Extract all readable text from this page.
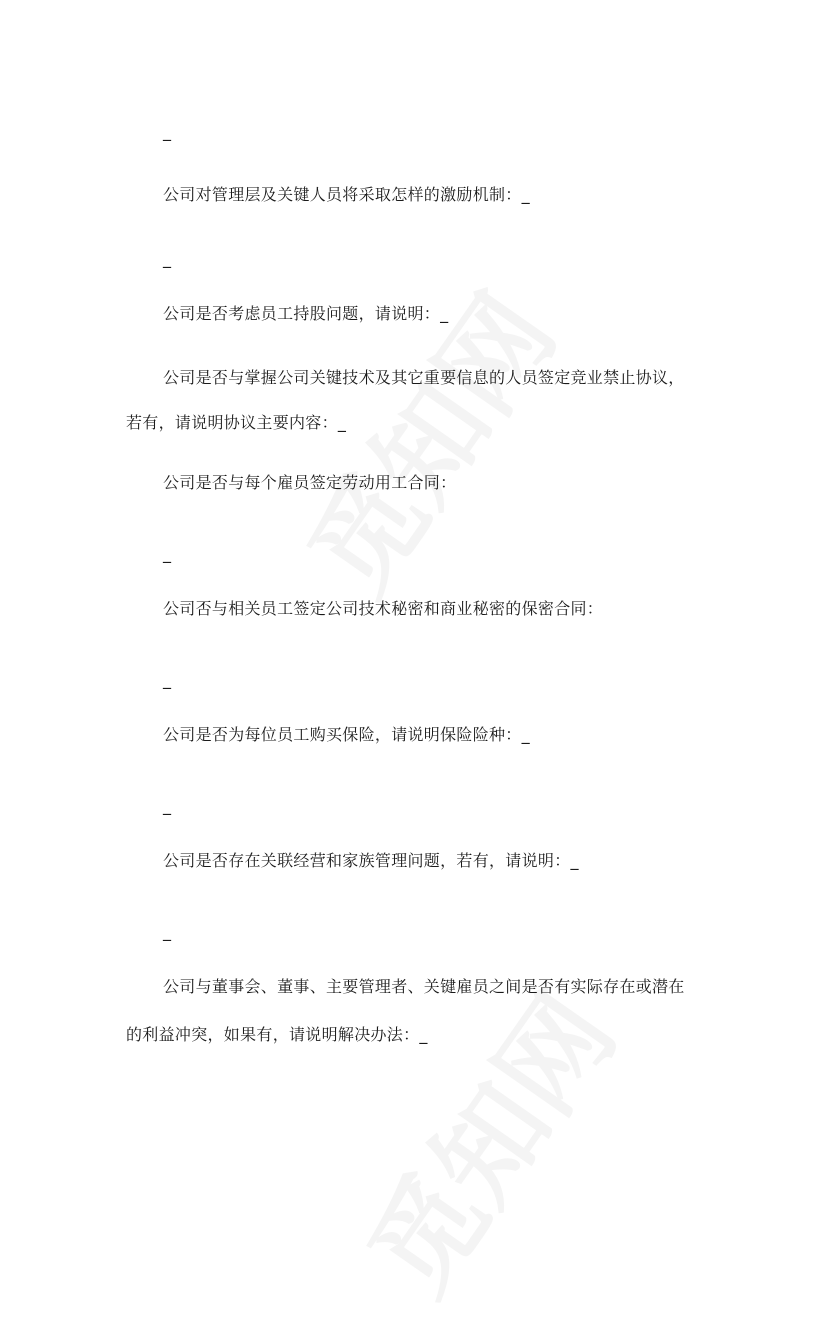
_
公司对管理层及关键人员将采取怎样的激励机制：_
_
公司是否考虑员工持股问题，请说明：_
公司是否与掌握公司关键技术及其它重要信息的人员签定竞业禁止协议，
若有，请说明协议主要内容：_
公司是否与每个雇员签定劳动用工合同：
_
公司否与相关员工签定公司技术秘密和商业秘密的保密合同：
_
公司是否为每位员工购买保险，请说明保险险种：_
_
公司是否存在关联经营和家族管理问题，若有，请说明：_
_
公司与董事会、董事、主要管理者、关键雇员之间是否有实际存在或潜在
的利益冲突，如果有，请说明解决办法：_
